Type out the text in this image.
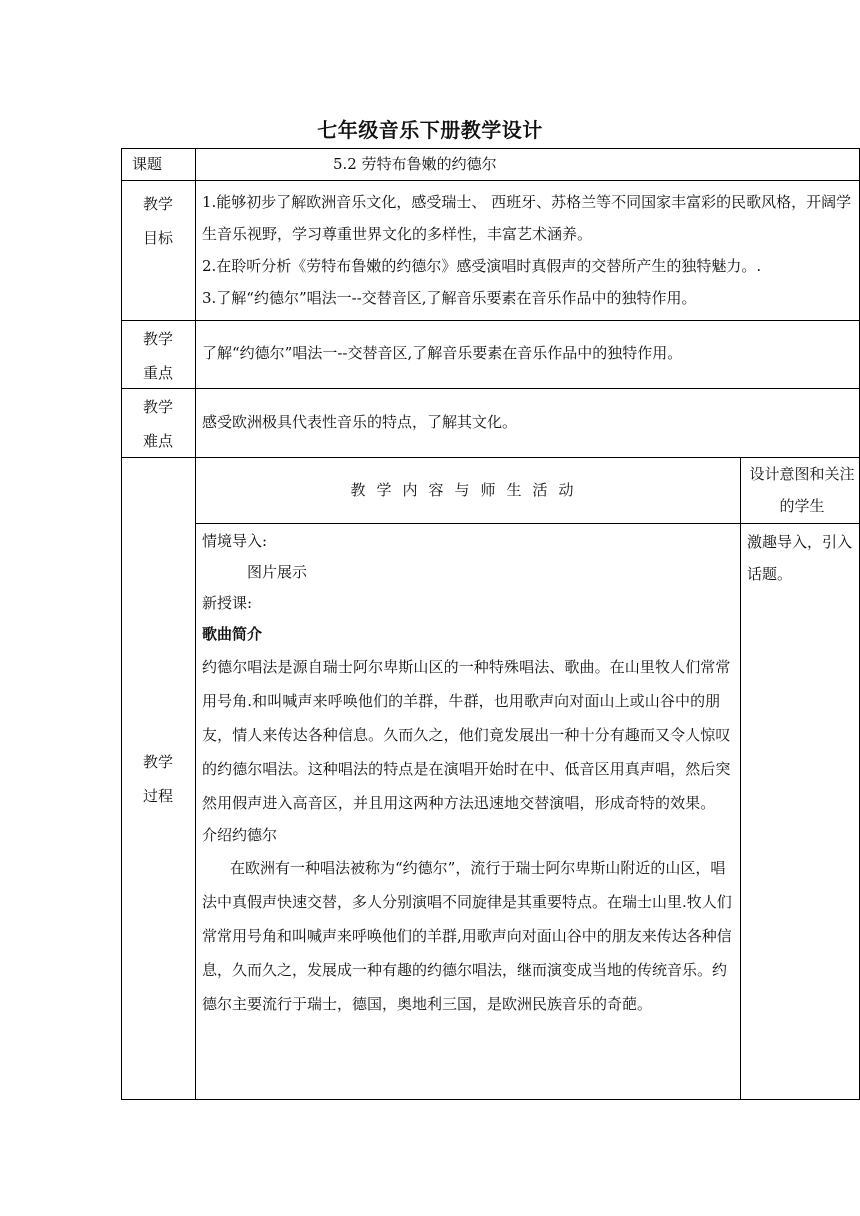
七年级音乐下册教学设计
课题	5.2 劳特布鲁嫩的约德尔
教学
目标

1.能够初步了解欧洲音乐文化，感受瑞士、 西班牙、苏格兰等不同国家丰富彩的民歌风格，开阔学生音乐视野，学习尊重世界文化的多样性，丰富艺术涵养。

2.在聆听分析《劳特布鲁嫩的约德尔》感受演唱时真假声的交替所产生的独特魅力。.

3.了解“约德尔”唱法一--交替音区,了解音乐要素在音乐作品中的独特作用。

教学
重点
了解“约德尔”唱法一--交替音区,了解音乐要素在音乐作品中的独特作用。
教学
难点
感受欧洲极具代表性音乐的特点，了解其文化。
教学
过程
教学内容与师生活动
设计意图和关注的学生

情境导入:

图片展示

新授课:

歌曲简介

约德尔唱法是源自瑞士阿尔卑斯山区的一种特殊唱法、歌曲。在山里牧人们常常用号角.和叫喊声来呼唤他们的羊群，牛群，也用歌声向对面山上或山谷中的朋友，情人来传达各种信息。久而久之，他们竟发展出一种十分有趣而又令人惊叹的约德尔唱法。这种唱法的特点是在演唱开始时在中、低音区用真声唱，然后突然用假声进入高音区，并且用这两种方法迅速地交替演唱，形成奇特的效果。

介绍约德尔

在欧洲有一种唱法被称为“约德尔”，流行于瑞士阿尔卑斯山附近的山区，唱法中真假声快速交替，多人分别演唱不同旋律是其重要特点。在瑞士山里.牧人们常常用号角和叫喊声来呼唤他们的羊群,用歌声向对面山谷中的朋友来传达各种信息，久而久之，发展成一种有趣的约德尔唱法，继而演变成当地的传统音乐。约德尔主要流行于瑞士，德国，奥地利三国，是欧洲民族音乐的奇葩。

激趣导入，引入话题。
